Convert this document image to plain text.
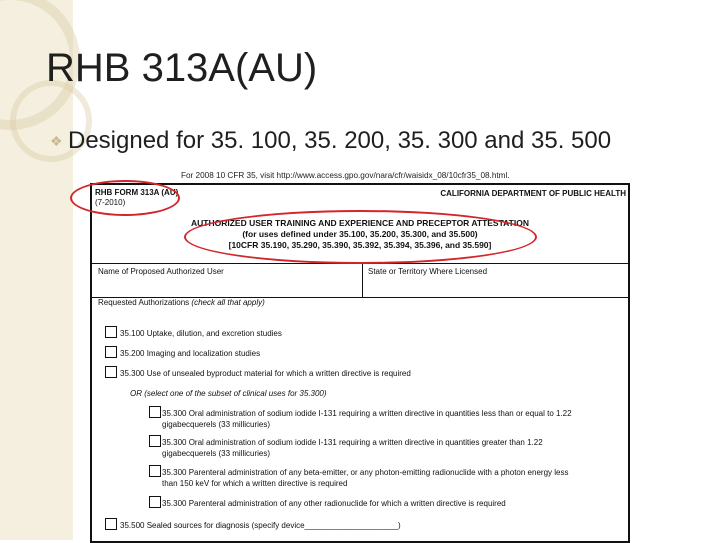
RHB 313A(AU)
❖ Designed for 35. 100, 35. 200, 35. 300 and 35. 500
For 2008 10 CFR 35, visit http://www.access.gpo.gov/nara/cfr/waisidx_08/10cfr35_08.html.
RHB FORM 313A (AU)
(7-2010)
CALIFORNIA DEPARTMENT OF PUBLIC HEALTH
AUTHORIZED USER TRAINING AND EXPERIENCE AND PRECEPTOR ATTESTATION
(for uses defined under 35.100, 35.200, 35.300, and 35.500)
[10CFR 35.190, 35.290, 35.390, 35.392, 35.394, 35.396, and 35.590]
Name of Proposed Authorized User	State or Territory Where Licensed
Requested Authorizations (check all that apply)
35.100 Uptake, dilution, and excretion studies
35.200 Imaging and localization studies
35.300 Use of unsealed byproduct material for which a written directive is required
OR (select one of the subset of clinical uses for 35.300)
35.300 Oral administration of sodium iodide I-131 requiring a written directive in quantities less than or equal to 1.22
gigabecquerels (33 millicuries)
35.300 Oral administration of sodium iodide I-131 requiring a written directive in quantities greater than 1.22
gigabecquerels (33 millicuries)
35.300 Parenteral administration of any beta-emitter, or any photon-emitting radionuclide with a photon energy less
than 150 keV for which a written directive is required
35.300 Parenteral administration of any other radionuclide for which a written directive is required
35.500 Sealed sources for diagnosis (specify device_____________________)
